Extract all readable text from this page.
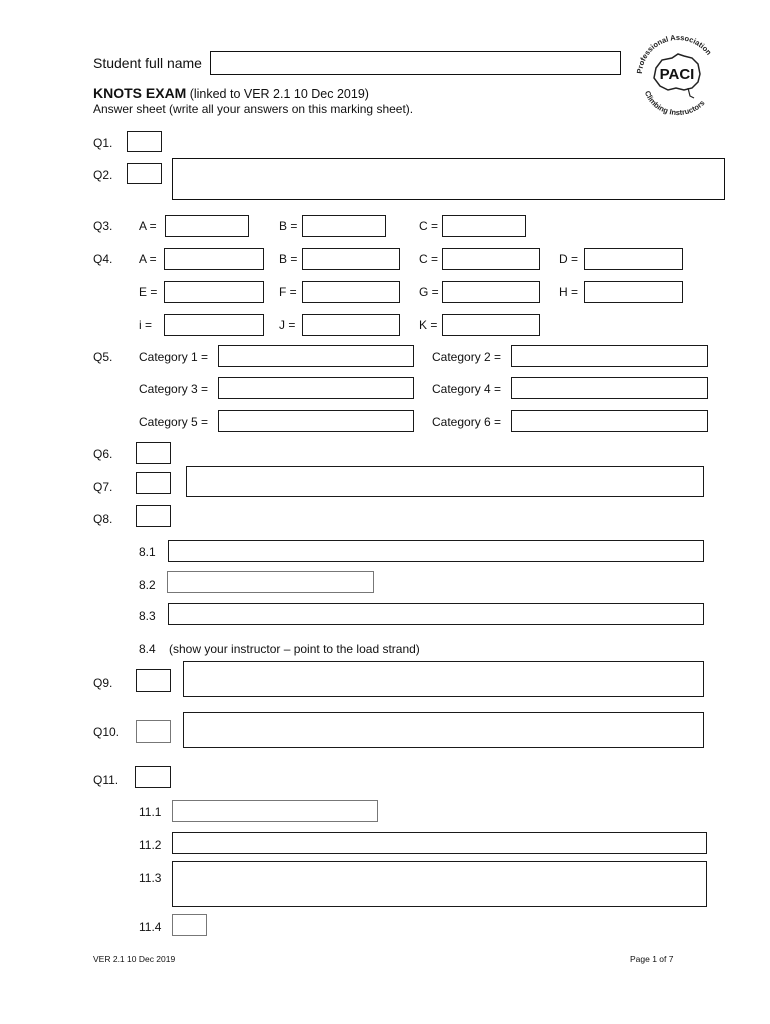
Student full name
KNOTS EXAM (linked to VER 2.1 10 Dec 2019)
Answer sheet (write all your answers on this marking sheet).
Professional Association
Climbing Instructors
PACI
Q1.
Q2.
Q3. A =	B =	C =
Q4. A =	B =	C =	D =
E =	F =	G =	H =
i =	J =	K =
Q5. Category 1 =	Category 2 =
Category 3 =	Category 4 =
Category 5 =	Category 6 =
Q6.
Q7.
Q8.
8.1
8.2
8.3
8.4 (show your instructor – point to the load strand)
Q9.
Q10.
Q11.
11.1
11.2
11.3
11.4
VER 2.1 10 Dec 2019	Page 1 of 7
